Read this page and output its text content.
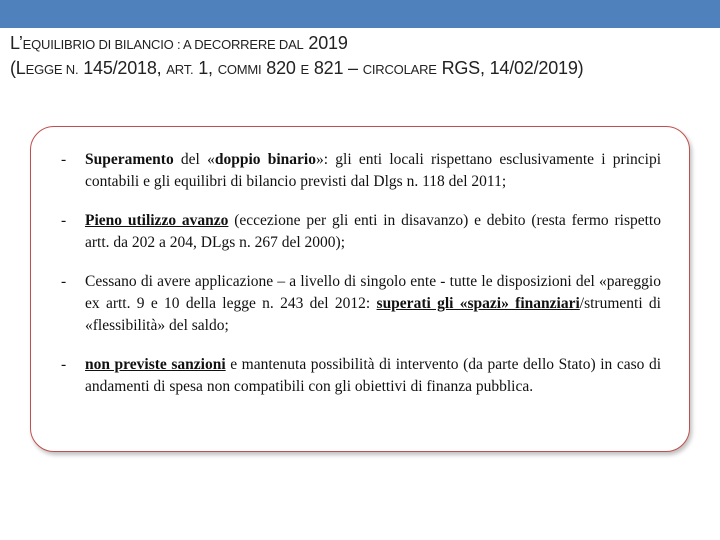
L’EQUILIBRIO DI BILANCIO : A DECORRERE DAL 2019
(LEGGE N. 145/2018, ART. 1, COMMI 820 E 821 – CIRCOLARE RGS, 14/02/2019)
- Superamento del «doppio binario»: gli enti locali rispettano esclusivamente i principi contabili e gli equilibri di bilancio previsti dal Dlgs n. 118 del 2011;
- Pieno utilizzo avanzo (eccezione per gli enti in disavanzo) e debito (resta fermo rispetto artt. da 202 a 204, DLgs n. 267 del 2000);
- Cessano di avere applicazione – a livello di singolo ente - tutte le disposizioni del «pareggio ex artt. 9 e 10 della legge n. 243 del 2012: superati gli «spazi» finanziari/strumenti di «flessibilità» del saldo;
- non previste sanzioni e mantenuta possibilità di intervento (da parte dello Stato) in caso di andamenti di spesa non compatibili con gli obiettivi di finanza pubblica.
